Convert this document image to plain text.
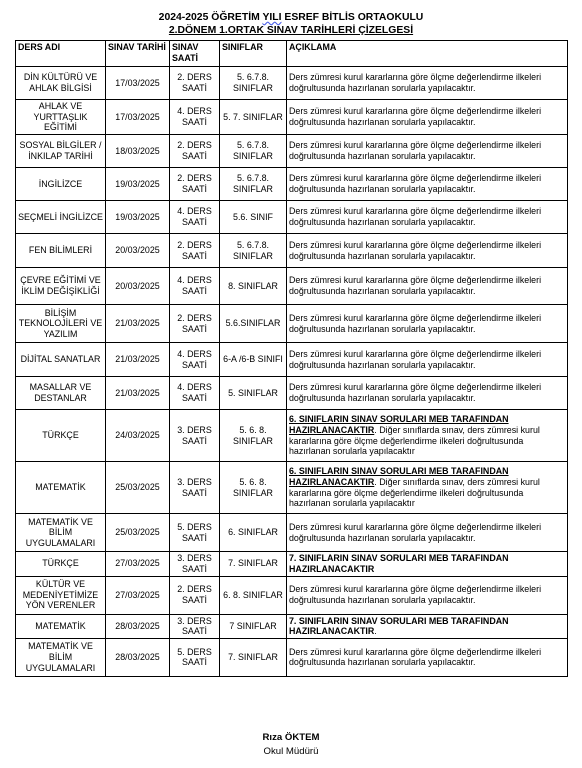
2024-2025 ÖĞRETİM YILI ESREF BİTLİS ORTAOKULU
2.DÖNEM 1.ORTAK SINAV TARİHLERİ ÇİZELGESİ
DERS ADI	SINAV TARİHİ	SINAV SAATİ	SINIFLAR	AÇIKLAMA
DİN KÜLTÜRÜ VE AHLAK BİLGİSİ	17/03/2025	2. DERS SAATİ	5. 6.7.8. SINIFLAR	Ders zümresi kurul kararlarına göre ölçme değerlendirme ilkeleri doğrultusunda hazırlanan sorularla yapılacaktır.
AHLAK VE YURTTAŞLIK EĞİTİMİ	17/03/2025	4. DERS SAATİ	5. 7. SINIFLAR	Ders zümresi kurul kararlarına göre ölçme değerlendirme ilkeleri doğrultusunda hazırlanan sorularla yapılacaktır.
SOSYAL BİLGİLER /İNKILAP TARİHİ	18/03/2025	2. DERS SAATİ	5. 6.7.8. SINIFLAR	Ders zümresi kurul kararlarına göre ölçme değerlendirme ilkeleri doğrultusunda hazırlanan sorularla yapılacaktır.
İNGİLİZCE	19/03/2025	2. DERS SAATİ	5. 6.7.8. SINIFLAR	Ders zümresi kurul kararlarına göre ölçme değerlendirme ilkeleri doğrultusunda hazırlanan sorularla yapılacaktır.
SEÇMELİ İNGİLİZCE	19/03/2025	4. DERS SAATİ	5.6. SINIF	Ders zümresi kurul kararlarına göre ölçme değerlendirme ilkeleri doğrultusunda hazırlanan sorularla yapılacaktır.
FEN BİLİMLERİ	20/03/2025	2. DERS SAATİ	5. 6.7.8. SINIFLAR	Ders zümresi kurul kararlarına göre ölçme değerlendirme ilkeleri doğrultusunda hazırlanan sorularla yapılacaktır.
ÇEVRE EĞİTİMİ VE İKLİM DEĞİŞİKLİĞİ	20/03/2025	4. DERS SAATİ	8. SINIFLAR	Ders zümresi kurul kararlarına göre ölçme değerlendirme ilkeleri doğrultusunda hazırlanan sorularla yapılacaktır.
BİLİŞİM TEKNOLOJİLERİ VE YAZILIM	21/03/2025	2. DERS SAATİ	5.6.SINIFLAR	Ders zümresi kurul kararlarına göre ölçme değerlendirme ilkeleri doğrultusunda hazırlanan sorularla yapılacaktır.
DİJİTAL SANATLAR	21/03/2025	4. DERS SAATİ	6-A /6-B SINIFI	Ders zümresi kurul kararlarına göre ölçme değerlendirme ilkeleri doğrultusunda hazırlanan sorularla yapılacaktır.
MASALLAR VE DESTANLAR	21/03/2025	4. DERS SAATİ	5. SINIFLAR	Ders zümresi kurul kararlarına göre ölçme değerlendirme ilkeleri doğrultusunda hazırlanan sorularla yapılacaktır.
TÜRKÇE	24/03/2025	3. DERS SAATİ	5. 6. 8. SINIFLAR	6. SINIFLARIN SINAV SORULARI MEB TARAFINDAN HAZIRLANACAKTIR. Diğer sınıflarda sınav, ders zümresi kurul kararlarına göre ölçme değerlendirme ilkeleri doğrultusunda hazırlanan sorularla yapılacaktır
MATEMATİK	25/03/2025	3. DERS SAATİ	5. 6. 8. SINIFLAR	6. SINIFLARIN SINAV SORULARI MEB TARAFINDAN HAZIRLANACAKTIR. Diğer sınıflarda sınav, ders zümresi kurul kararlarına göre ölçme değerlendirme ilkeleri doğrultusunda hazırlanan sorularla yapılacaktır
MATEMATİK VE BİLİM UYGULAMALARI	25/03/2025	5. DERS SAATİ	6. SINIFLAR	Ders zümresi kurul kararlarına göre ölçme değerlendirme ilkeleri doğrultusunda hazırlanan sorularla yapılacaktır.
TÜRKÇE	27/03/2025	3. DERS SAATİ	7. SINIFLAR	7. SINIFLARIN SINAV SORULARI MEB TARAFINDAN HAZIRLANACAKTIR
KÜLTÜR VE MEDENİYETİMİZE YÖN VERENLER	27/03/2025	2. DERS SAATİ	6. 8. SINIFLAR	Ders zümresi kurul kararlarına göre ölçme değerlendirme ilkeleri doğrultusunda hazırlanan sorularla yapılacaktır.
MATEMATİK	28/03/2025	3. DERS SAATİ	7 SINIFLAR	7. SINIFLARIN SINAV SORULARI MEB TARAFINDAN HAZIRLANACAKTIR.
MATEMATİK VE BİLİM UYGULAMALARI	28/03/2025	5. DERS SAATİ	7. SINIFLAR	Ders zümresi kurul kararlarına göre ölçme değerlendirme ilkeleri doğrultusunda hazırlanan sorularla yapılacaktır.
Rıza ÖKTEM
Okul Müdürü
